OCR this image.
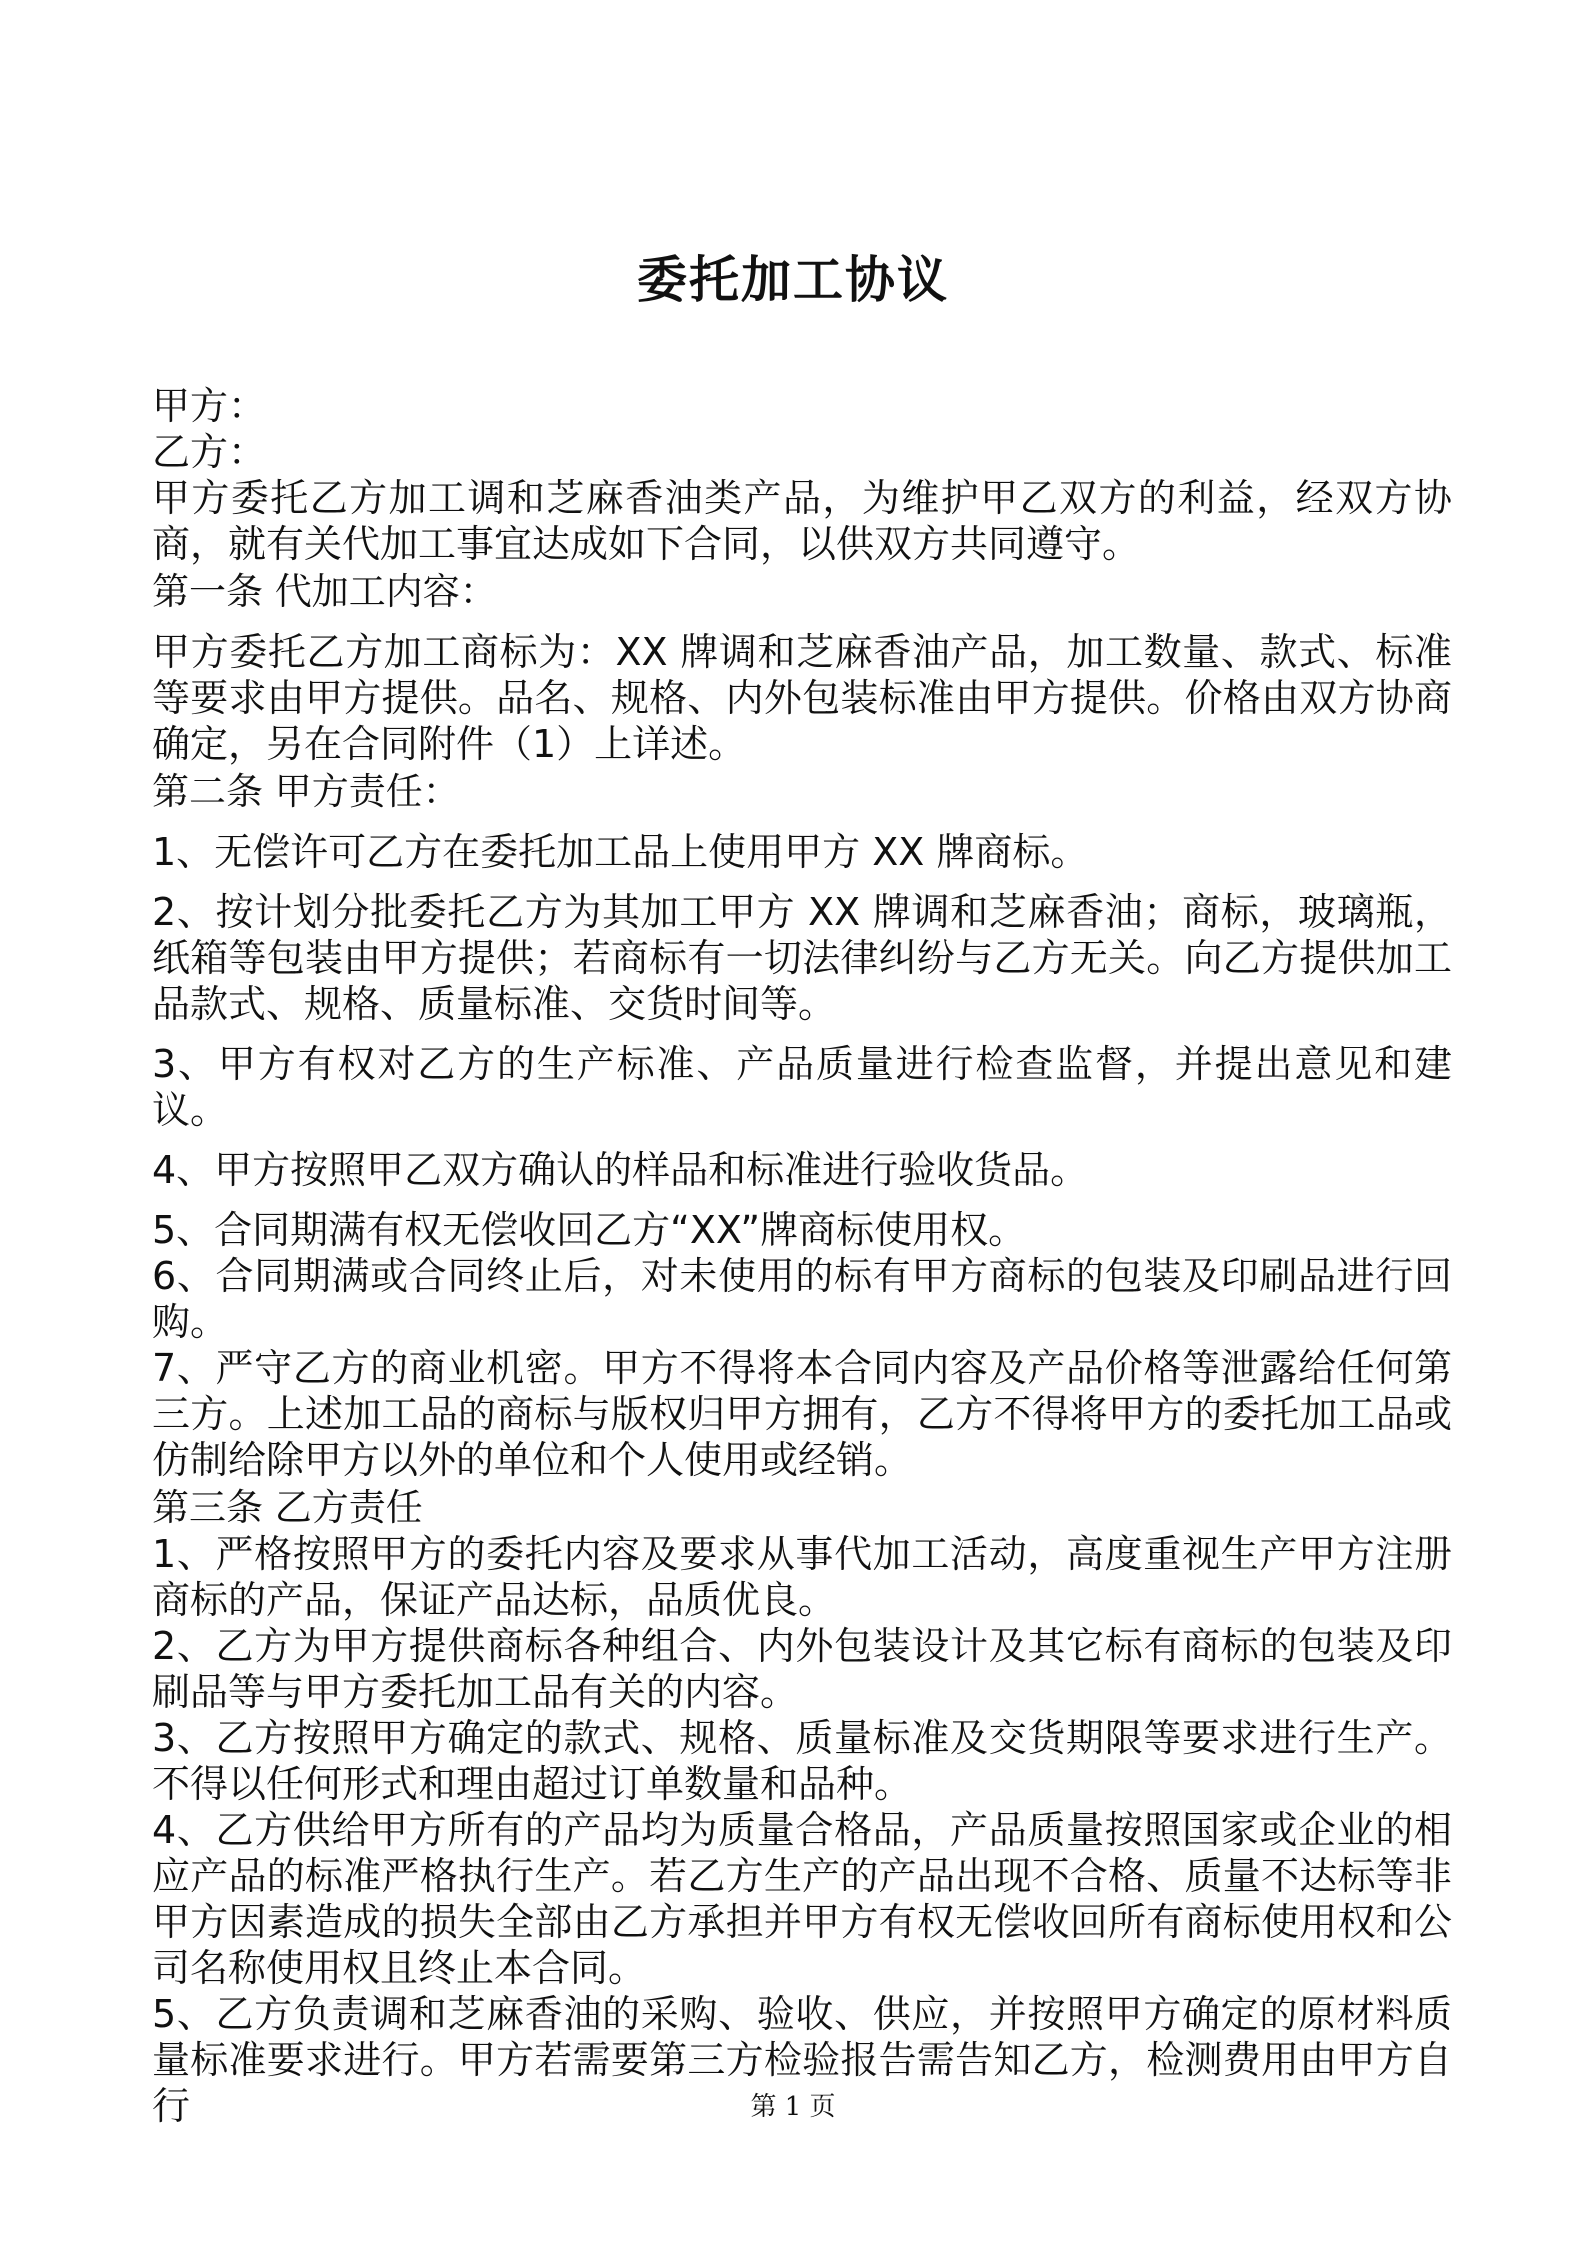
委托加工协议

甲方：

乙方：

甲方委托乙方加工调和芝麻香油类产品，为维护甲乙双方的利益，经双方协商，就有关代加工事宜达成如下合同，以供双方共同遵守。

第一条 代加工内容：

甲方委托乙方加工商标为：XX 牌调和芝麻香油产品，加工数量、款式、标准等要求由甲方提供。品名、规格、内外包装标准由甲方提供。价格由双方协商确定，另在合同附件（1）上详述。

第二条 甲方责任：

1、无偿许可乙方在委托加工品上使用甲方 XX 牌商标。

2、按计划分批委托乙方为其加工甲方 XX 牌调和芝麻香油；商标，玻璃瓶，纸箱等包装由甲方提供；若商标有一切法律纠纷与乙方无关。向乙方提供加工品款式、规格、质量标准、交货时间等。

3、甲方有权对乙方的生产标准、产品质量进行检查监督，并提出意见和建议。

4、甲方按照甲乙双方确认的样品和标准进行验收货品。

5、合同期满有权无偿收回乙方“XX”牌商标使用权。

6、合同期满或合同终止后，对未使用的标有甲方商标的包装及印刷品进行回购。

7、严守乙方的商业机密。甲方不得将本合同内容及产品价格等泄露给任何第三方。上述加工品的商标与版权归甲方拥有，乙方不得将甲方的委托加工品或仿制给除甲方以外的单位和个人使用或经销。

第三条 乙方责任

1、严格按照甲方的委托内容及要求从事代加工活动，高度重视生产甲方注册商标的产品，保证产品达标，品质优良。

2、乙方为甲方提供商标各种组合、内外包装设计及其它标有商标的包装及印刷品等与甲方委托加工品有关的内容。

3、乙方按照甲方确定的款式、规格、质量标准及交货期限等要求进行生产。不得以任何形式和理由超过订单数量和品种。

4、乙方供给甲方所有的产品均为质量合格品，产品质量按照国家或企业的相应产品的标准严格执行生产。若乙方生产的产品出现不合格、质量不达标等非甲方因素造成的损失全部由乙方承担并甲方有权无偿收回所有商标使用权和公司名称使用权且终止本合同。

5、乙方负责调和芝麻香油的采购、验收、供应，并按照甲方确定的原材料质量标准要求进行。甲方若需要第三方检验报告需告知乙方，检测费用由甲方自行	第 1 页
